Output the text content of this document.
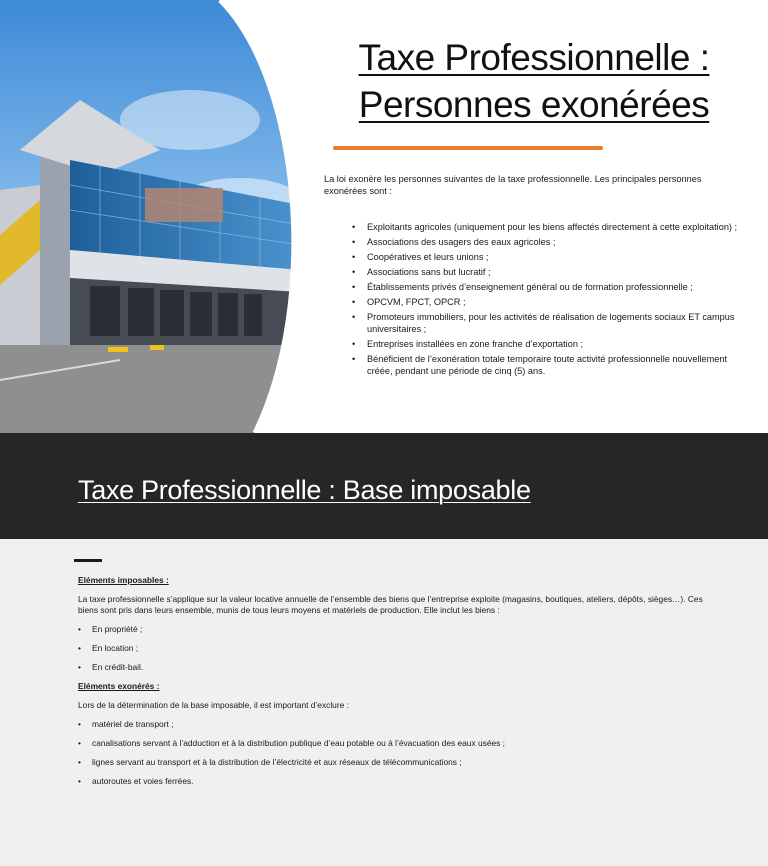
Taxe Professionnelle :
Personnes exonérées
La loi exonère les personnes suivantes de la taxe professionnelle. Les principales personnes exonérées sont :
• Exploitants agricoles (uniquement pour les biens affectés directement à cette exploitation) ;
• Associations des usagers des eaux agricoles ;
• Coopératives et leurs unions ;
• Associations sans but lucratif ;
• Établissements privés d’enseignement général ou de formation professionnelle ;
• OPCVM, FPCT, OPCR ;
• Promoteurs immobiliers, pour les activités de réalisation de logements sociaux ET campus universitaires ;
• Entreprises installées en zone franche d’exportation ;
• Bénéficient de l’exonération totale temporaire toute activité professionnelle nouvellement créée, pendant une période de cinq (5) ans.
Taxe Professionnelle : Base imposable
Eléments imposables :
La taxe professionnelle s’applique sur la valeur locative annuelle de l’ensemble des biens que l’entreprise exploite (magasins, boutiques, ateliers, dépôts, sièges…). Ces biens sont pris dans leurs ensemble, munis de tous leurs moyens et matériels de production. Elle inclut les biens :
• En propriété ;
• En location ;
• En crédit-bail.
Eléments exonérés :
Lors de la détermination de la base imposable, il est important d’exclure :
• matériel de transport ;
• canalisations servant à l’adduction et à la distribution publique d’eau potable ou à l’évacuation des eaux usées ;
• lignes servant au transport et à la distribution de l’électricité et aux réseaux de télécommunications ;
• autoroutes et voies ferrées.
